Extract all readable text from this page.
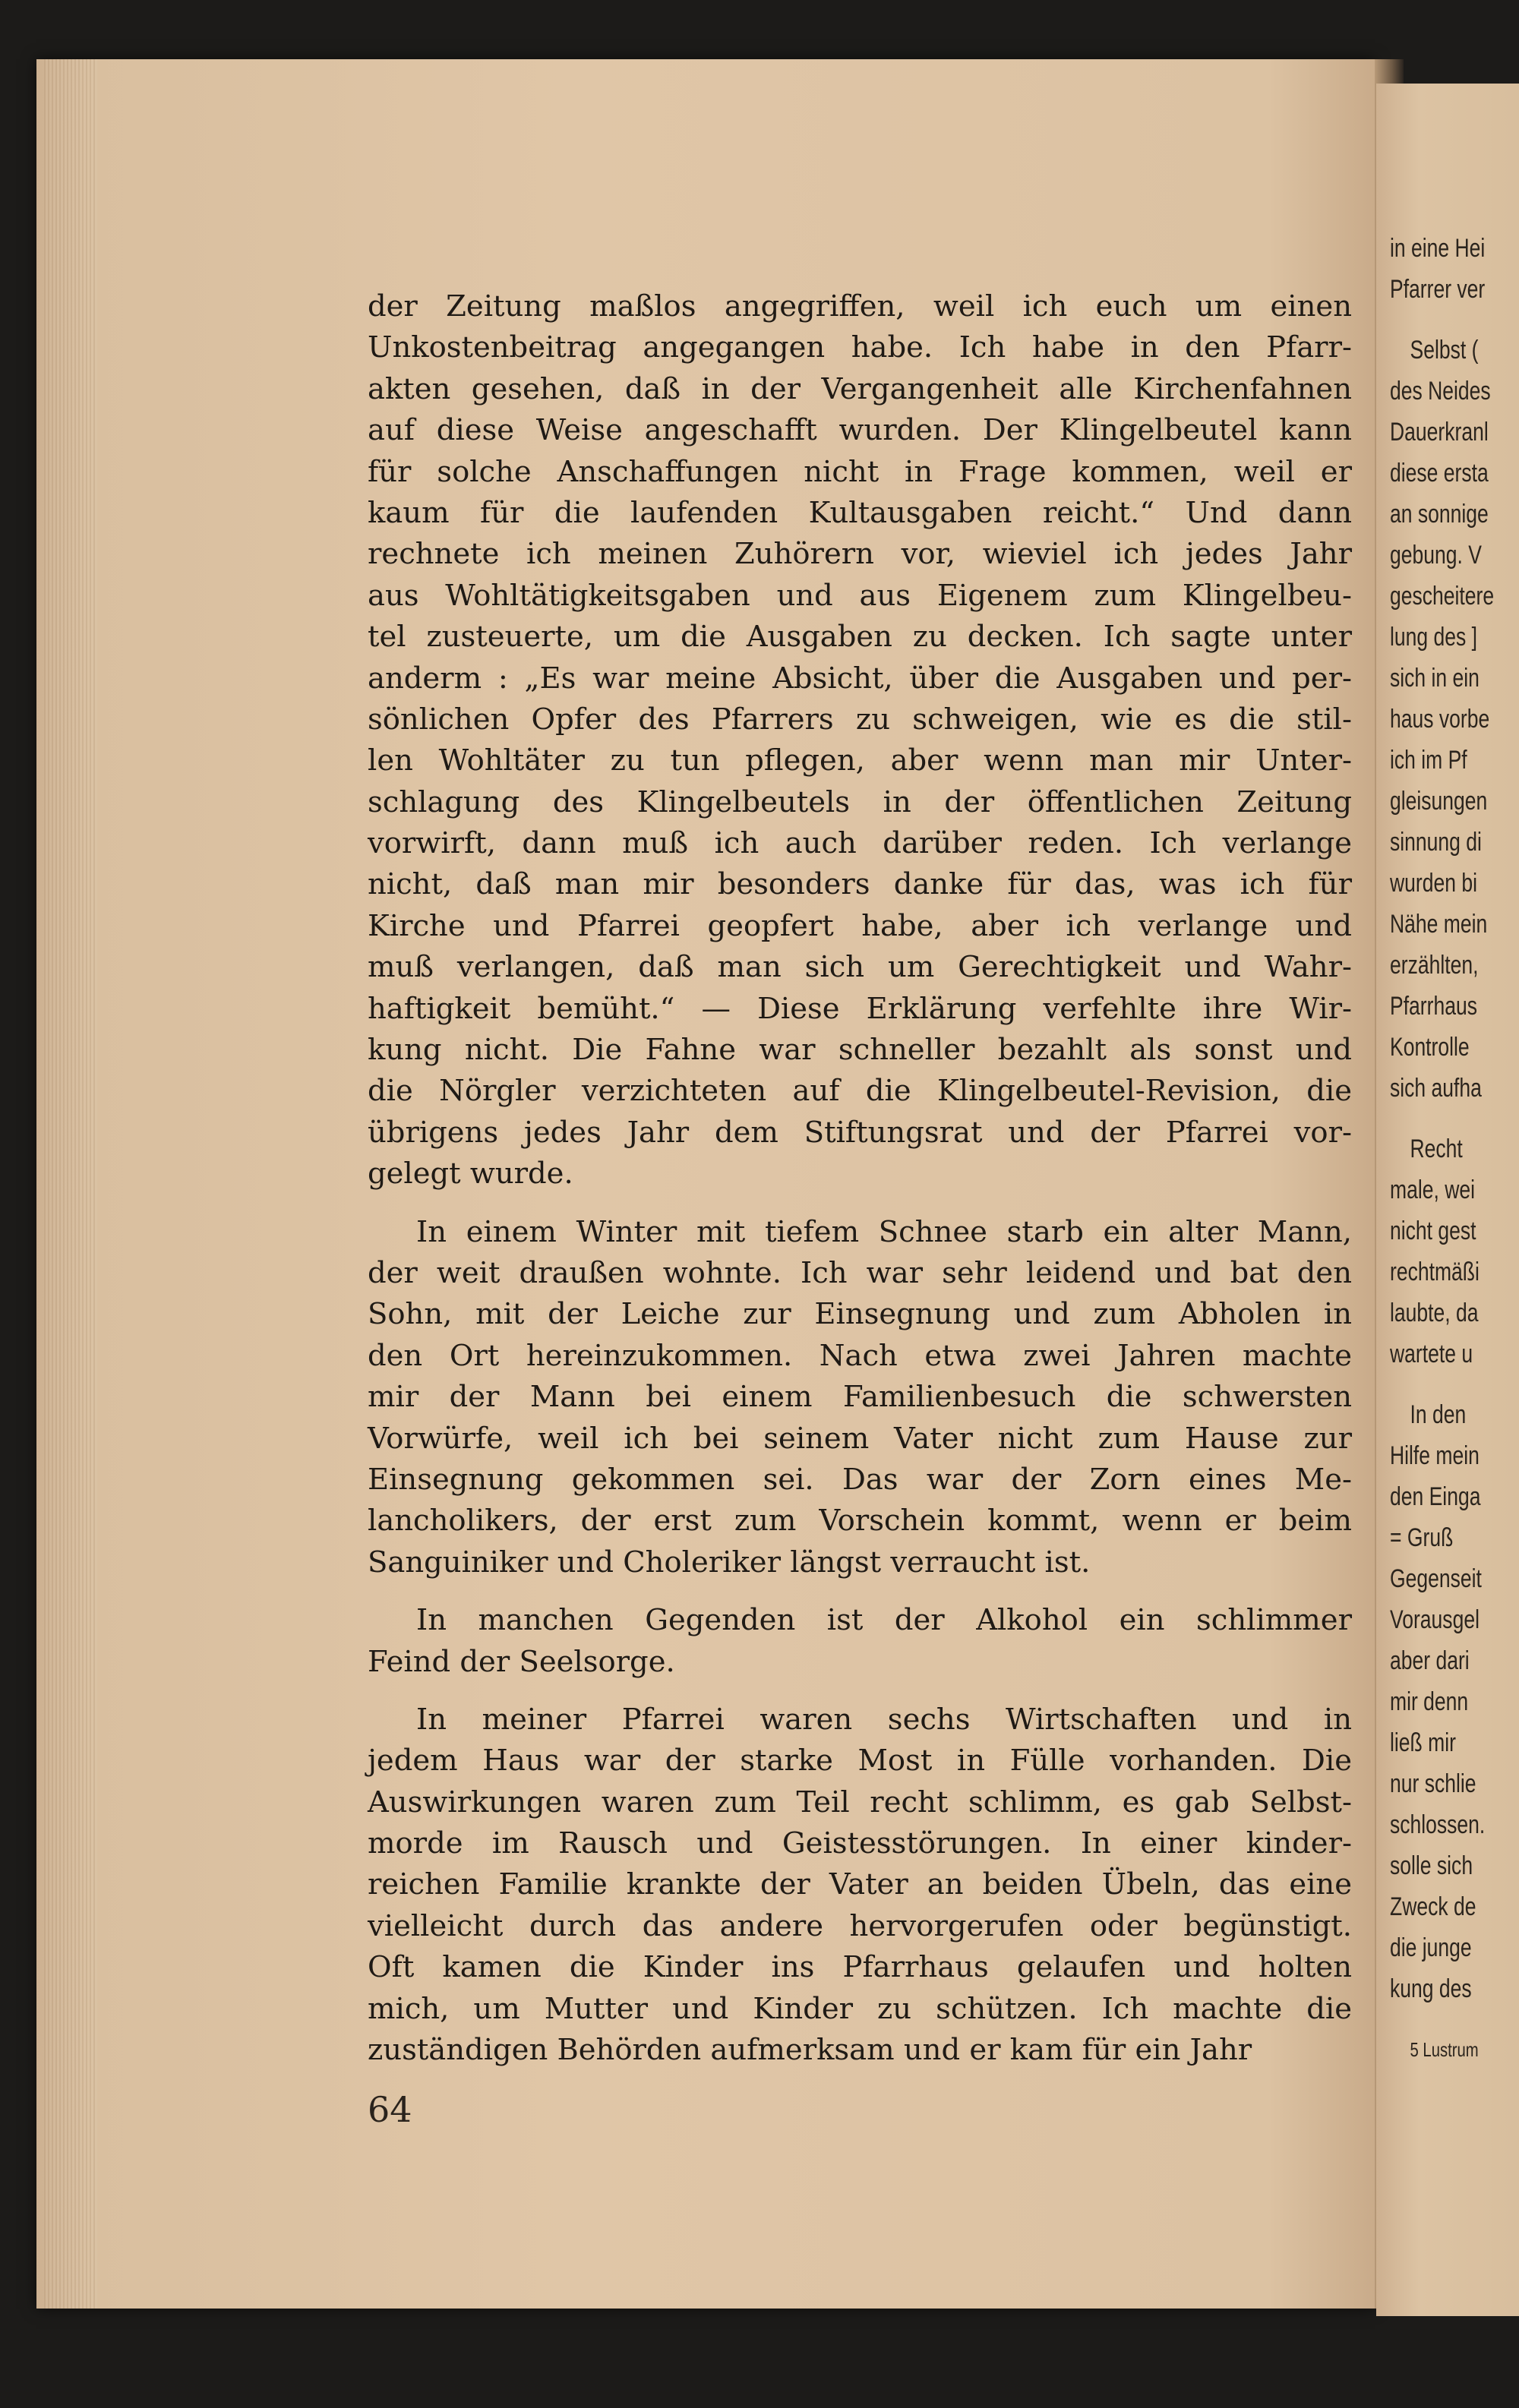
der Zeitung maßlos angegriffen, weil ich euch um einen
Unkostenbeitrag angegangen habe. Ich habe in den Pfarr-
akten gesehen, daß in der Vergangenheit alle Kirchenfahnen
auf diese Weise angeschafft wurden. Der Klingelbeutel kann
für solche Anschaffungen nicht in Frage kommen, weil er
kaum für die laufenden Kultausgaben reicht.“ Und dann
rechnete ich meinen Zuhörern vor, wieviel ich jedes Jahr
aus Wohltätigkeitsgaben und aus Eigenem zum Klingelbeu-
tel zusteuerte, um die Ausgaben zu decken. Ich sagte unter
anderm : „Es war meine Absicht, über die Ausgaben und per-
sönlichen Opfer des Pfarrers zu schweigen, wie es die stil-
len Wohltäter zu tun pflegen, aber wenn man mir Unter-
schlagung des Klingelbeutels in der öffentlichen Zeitung
vorwirft, dann muß ich auch darüber reden. Ich verlange
nicht, daß man mir besonders danke für das, was ich für
Kirche und Pfarrei geopfert habe, aber ich verlange und
muß verlangen, daß man sich um Gerechtigkeit und Wahr-
haftigkeit bemüht.“ — Diese Erklärung verfehlte ihre Wir-
kung nicht. Die Fahne war schneller bezahlt als sonst und
die Nörgler verzichteten auf die Klingelbeutel-Revision, die
übrigens jedes Jahr dem Stiftungsrat und der Pfarrei vor-
gelegt wurde.
In einem Winter mit tiefem Schnee starb ein alter Mann,
der weit draußen wohnte. Ich war sehr leidend und bat den
Sohn, mit der Leiche zur Einsegnung und zum Abholen in
den Ort hereinzukommen. Nach etwa zwei Jahren machte
mir der Mann bei einem Familienbesuch die schwersten
Vorwürfe, weil ich bei seinem Vater nicht zum Hause zur
Einsegnung gekommen sei. Das war der Zorn eines Me-
lancholikers, der erst zum Vorschein kommt, wenn er beim
Sanguiniker und Choleriker längst verraucht ist.
In manchen Gegenden ist der Alkohol ein schlimmer
Feind der Seelsorge.
In meiner Pfarrei waren sechs Wirtschaften und in
jedem Haus war der starke Most in Fülle vorhanden. Die
Auswirkungen waren zum Teil recht schlimm, es gab Selbst-
morde im Rausch und Geistesstörungen. In einer kinder-
reichen Familie krankte der Vater an beiden Übeln, das eine
vielleicht durch das andere hervorgerufen oder begünstigt.
Oft kamen die Kinder ins Pfarrhaus gelaufen und holten
mich, um Mutter und Kinder zu schützen. Ich machte die
zuständigen Behörden aufmerksam und er kam für ein Jahr
64
in eine Hei
Pfarrer ver
Selbst (
des Neides
Dauerkranl
diese ersta
an sonnige
gebung. V
gescheitere
lung des ]
sich in ein
haus vorbe
ich im Pf
gleisungen
sinnung di
wurden bi
Nähe mein
erzählten,
Pfarrhaus
Kontrolle
sich aufha
Recht
male, wei
nicht gest
rechtmäßi
laubte, da
wartete u
In den
Hilfe mein
den Einga
= Gruß
Gegenseit
Vorausgel
aber dari
mir denn
ließ mir
nur schlie
schlossen.
solle sich
Zweck de
die junge
kung des
5 Lustrum
